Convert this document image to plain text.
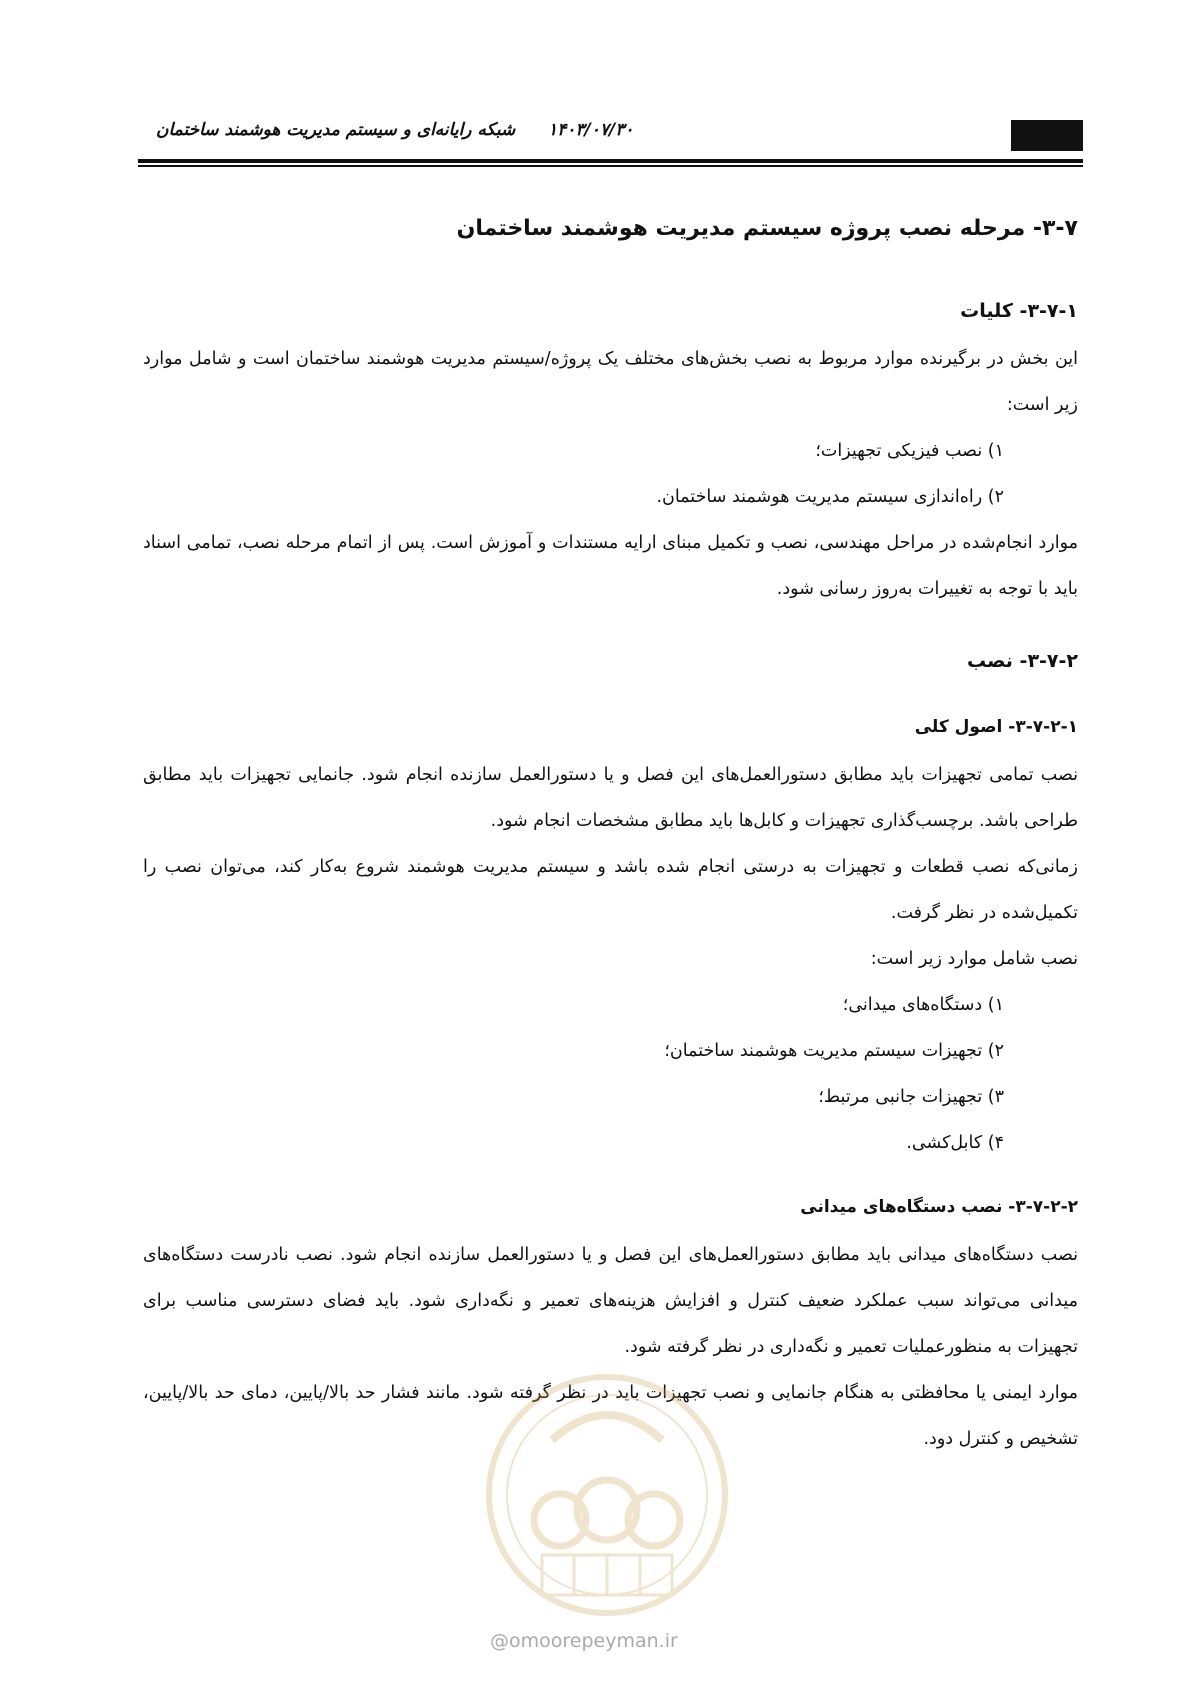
۱۴۰۳/۰۷/۳۰
شبکه رایانه‌ای و سیستم مدیریت هوشمند ساختمان
۳-۷- مرحله نصب پروژه سیستم مدیریت هوشمند ساختمان
۳-۷-۱- کلیات

این بخش در برگیرنده موارد مربوط به نصب بخش‌های مختلف یک پروژه/سیستم مدیریت هوشمند ساختمان است و شامل موارد زیر است:

۱) نصب فیزیکی تجهیزات؛

۲) راه‌اندازی سیستم مدیریت هوشمند ساختمان.

موارد انجام‌شده در مراحل مهندسی، نصب و تکمیل مبنای ارایه مستندات و آموزش است. پس از اتمام مرحله نصب، تمامی اسناد باید با توجه به تغییرات به‌روز رسانی شود.

۳-۷-۲- نصب
۳-۷-۲-۱- اصول کلی

نصب تمامی تجهیزات باید مطابق دستورالعمل‌های این فصل و یا دستورالعمل سازنده انجام شود. جانمایی تجهیزات باید مطابق طراحی باشد. برچسب‌گذاری تجهیزات و کابل‌ها باید مطابق مشخصات انجام شود.

زمانی‌که نصب قطعات و تجهیزات به درستی انجام شده باشد و سیستم مدیریت هوشمند شروع به‌کار کند، می‌توان نصب را تکمیل‌شده در نظر گرفت.

نصب شامل موارد زیر است:

۱) دستگاه‌های میدانی؛

۲) تجهیزات سیستم مدیریت هوشمند ساختمان؛

۳) تجهیزات جانبی مرتبط؛

۴) کابل‌کشی.

۳-۷-۲-۲- نصب دستگاه‌های میدانی

نصب دستگاه‌های میدانی باید مطابق دستورالعمل‌های این فصل و یا دستورالعمل سازنده انجام شود. نصب نادرست دستگاه‌های میدانی می‌تواند سبب عملکرد ضعیف کنترل و افزایش هزینه‌های تعمیر و نگه‌داری شود. باید فضای دسترسی مناسب برای تجهیزات به منظورعملیات تعمیر و نگه‌داری در نظر گرفته شود.

موارد ایمنی یا محافظتی به هنگام جانمایی و نصب تجهیزات باید در نظر گرفته شود. مانند فشار حد بالا/پایین، دمای حد بالا/پایین، تشخیص و کنترل دود.

@omoorepeyman.ir
